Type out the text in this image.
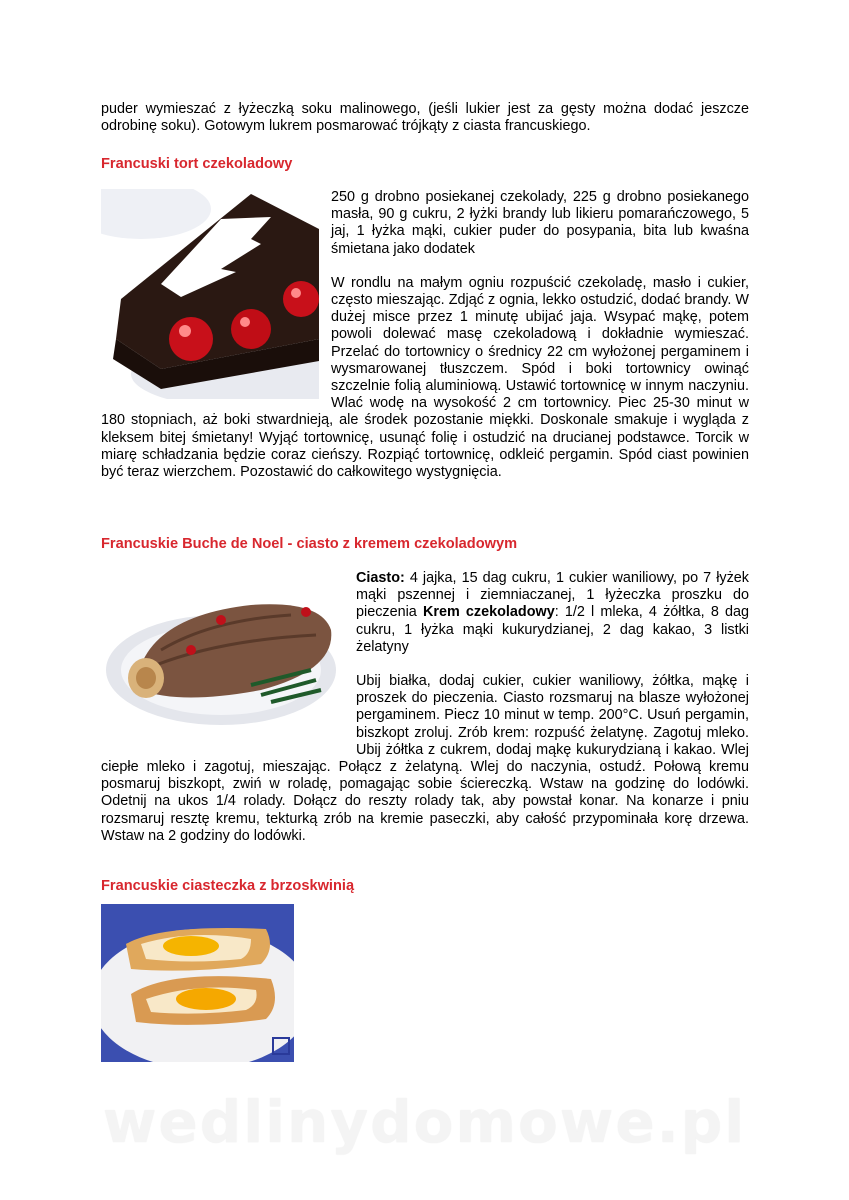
puder wymieszać z łyżeczką soku malinowego, (jeśli lukier jest za gęsty można dodać jeszcze odrobinę soku). Gotowym lukrem posmarować trójkąty z ciasta francuskiego.

Francuski tort czekoladowy

250 g drobno posiekanej czekolady, 225 g drobno posiekanego masła, 90 g cukru, 2 łyżki brandy lub likieru pomarańczowego, 5 jaj, 1 łyżka mąki, cukier puder do posypania, bita lub kwaśna śmietana jako dodatek

W rondlu na małym ogniu rozpuścić czekoladę, masło i cukier, często mieszając. Zdjąć z ognia, lekko ostudzić, dodać brandy. W dużej misce przez 1 minutę ubijać jaja. Wsypać mąkę, potem powoli dolewać masę czekoladową i dokładnie wymieszać. Przelać do tortownicy o średnicy 22 cm wyłożonej pergaminem i wysmarowanej tłuszczem. Spód i boki tortownicy owinąć szczelnie folią aluminiową. Ustawić tortownicę w innym naczyniu. Wlać wodę na wysokość 2 cm tortownicy. Piec 25-30 minut w 180 stopniach, aż boki stwardnieją, ale środek pozostanie miękki. Doskonale smakuje i wygląda z kleksem bitej śmietany! Wyjąć tortownicę, usunąć folię i ostudzić na drucianej podstawce. Torcik w miarę schładzania będzie coraz cieńszy. Rozpiąć tortownicę, odkleić pergamin. Spód ciast powinien być teraz wierzchem. Pozostawić do całkowitego wystygnięcia.

Francuskie Buche de Noel - ciasto z kremem czekoladowym

Ciasto: 4 jajka, 15 dag cukru, 1 cukier waniliowy, po 7 łyżek mąki pszennej i ziemniaczanej, 1 łyżeczka proszku do pieczenia Krem czekoladowy: 1/2 l mleka, 4 żółtka, 8 dag cukru, 1 łyżka mąki kukurydzianej, 2 dag kakao, 3 listki żelatyny

Ubij białka, dodaj cukier, cukier waniliowy, żółtka, mąkę i proszek do pieczenia. Ciasto rozsmaruj na blasze wyłożonej pergaminem. Piecz 10 minut w temp. 200°C. Usuń pergamin, biszkopt zroluj. Zrób krem: rozpuść żelatynę. Zagotuj mleko. Ubij żółtka z cukrem, dodaj mąkę kukurydzianą i kakao. Wlej ciepłe mleko i zagotuj, mieszając. Połącz z żelatyną. Wlej do naczynia, ostudź. Połową kremu posmaruj biszkopt, zwiń w roladę, pomagając sobie ściereczką. Wstaw na godzinę do lodówki. Odetnij na ukos 1/4 rolady. Dołącz do reszty rolady tak, aby powstał konar. Na konarze i pniu rozsmaruj resztę kremu, tekturką zrób na kremie paseczki, aby całość przypominała korę drzewa. Wstaw na 2 godziny do lodówki.

Francuskie ciasteczka z brzoskwinią
wedlinydomowe.pl
